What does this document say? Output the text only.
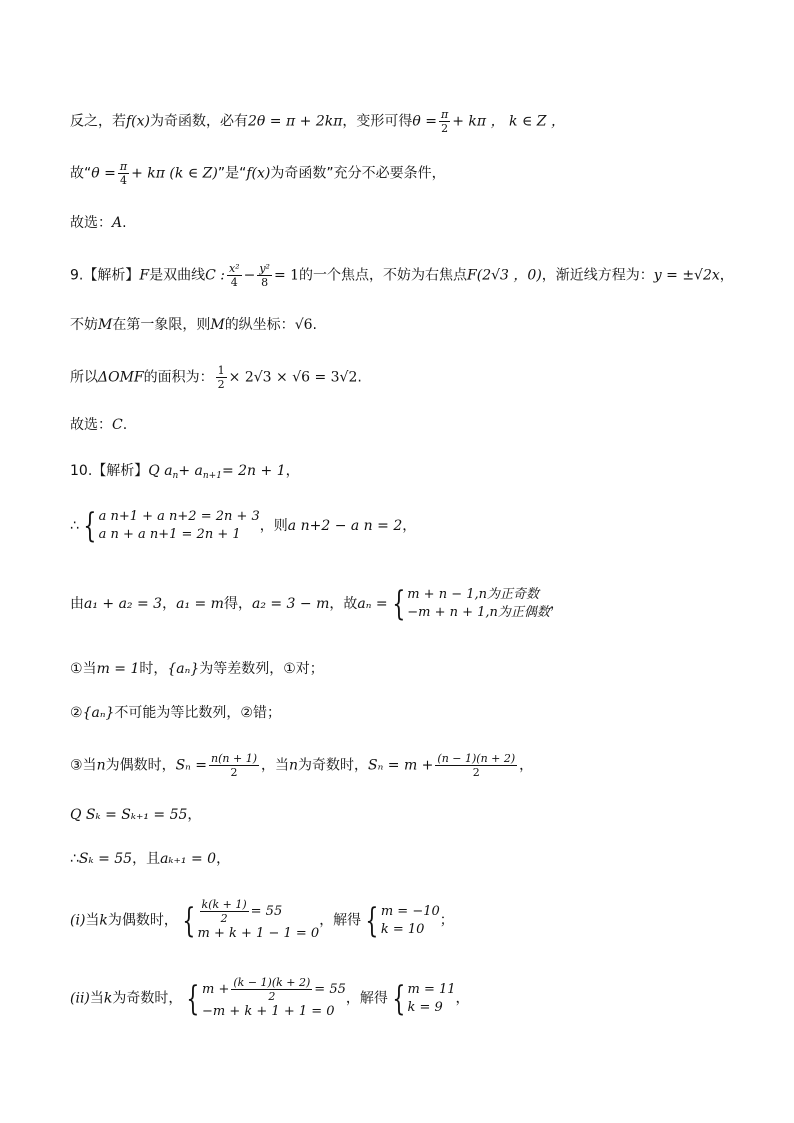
反之，若f(x)为奇函数，必有2θ = π + 2kπ，变形可得$\theta = \frac{\pi}{2} + k\pi$ ， k ∈ Z ，
故“$\theta = \frac{\pi}{4} + k\pi$ (k ∈ Z)”是“f(x)为奇函数”充分不必要条件，
故选：A.
9.【解析】F是双曲线C : $\frac{\text{x²}}{4} - \frac{\text{y²}}{8} = 1$的一个焦点，不妨为右焦点F(2√3 ，0)，渐近线方程为：y = ±√2x，
不妨M在第一象限，则M的纵坐标：√6.
所以ΔOMF的面积为： $\frac{1}{2} \times 2√3 \times √6 = 3√2$.
故选：C.
10.【解析】Q $a_n+ a_{n+1}= 2n + 1$，
∴ { a n+1 + a n+2 = 2n + 3
a n + a n+1 = 2n + 1
，则a n+2 − a n = 2，
由a₁ + a₂ = 3，a₁ = m得，a₂ = 3 − m，故aₙ = { m + n − 1,n为正奇数
−m + n + 1,n为正偶数
，
①当m = 1时，{aₙ}为等差数列，①对；
②{aₙ}不可能为等比数列，②错；
③当n为偶数时，$S_n = \frac{n(n + 1)}{2}$ ，当n为奇数时，$S_n = m + \frac{(n - 1)(n + 2)}{2}$ ，
Q Sₖ = Sₖ₊₁ = 55，
∴Sₖ = 55，且aₖ₊₁ = 0，
(i)当k为偶数时， { $\frac{k(k + 1)}{2} = 55$
m + k + 1 − 1 = 0
，解得 { m = −10
k = 10
；
(ii)当k为奇数时， { $m + \frac{(k - 1)(k + 2)}{2} = 55$
−m + k + 1 + 1 = 0
，解得 { m = 11
k = 9
，
